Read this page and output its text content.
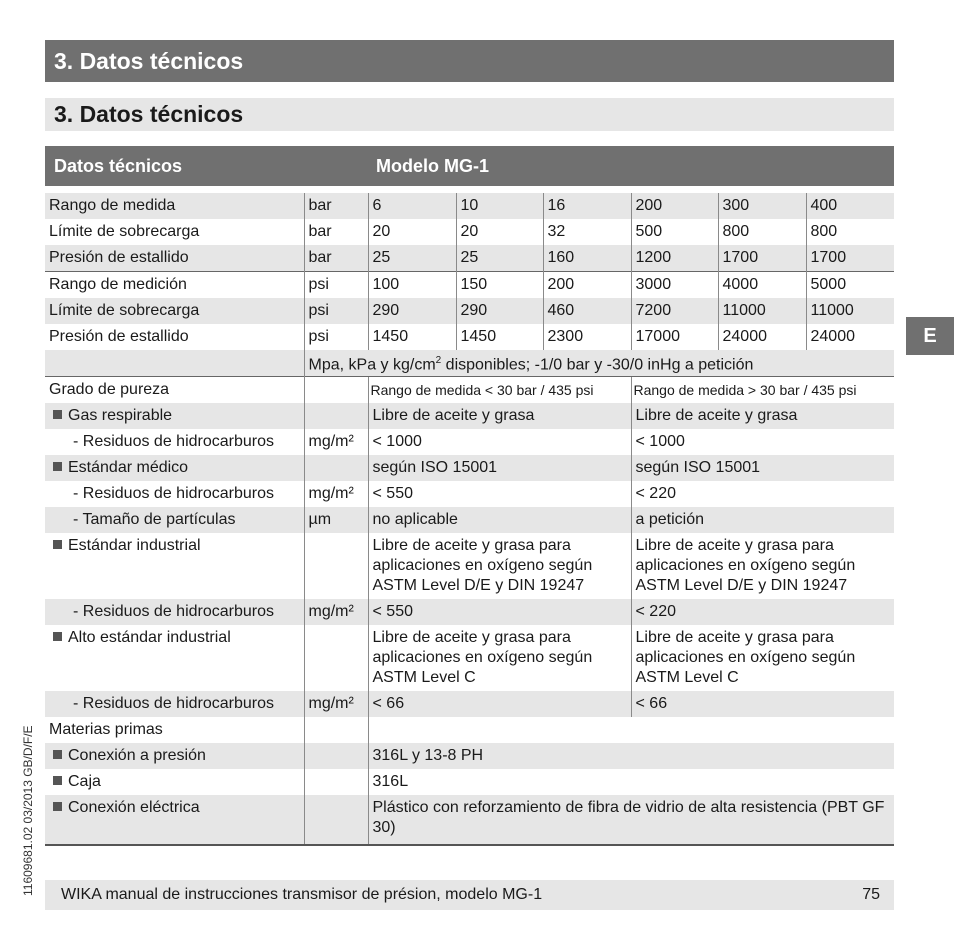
3. Datos técnicos
3. Datos técnicos
Datos técnicos	Modelo MG-1
E
11609681.02 03/2013 GB/D/F/E
Rango de medida	bar	6	10	16	200	300	400
Límite de sobrecarga	bar	20	20	32	500	800	800
Presión de estallido	bar	25	25	160	1200	1700	1700
Rango de medición	psi	100	150	200	3000	4000	5000
Límite de sobrecarga	psi	290	290	460	7200	11000	11000
Presión de estallido	psi	1450	1450	2300	17000	24000	24000
	Mpa, kPa y $kg/cm^2$ disponibles; -1/0 bar y -30/0 inHg a petición						
Grado de pureza		Rango de medida < 30 bar / 435 psi			Rango de medida > 30 bar / 435 psi		
Gas respirable		Libre de aceite y grasa			Libre de aceite y grasa		
- Residuos de hidrocarburos	mg/m²	< 1000			< 1000		
Estándar médico		según ISO 15001			según ISO 15001		
- Residuos de hidrocarburos	mg/m²	< 550			< 220		
- Tamaño de partículas	µm	no aplicable			a petición		
Estándar industrial		Libre de aceite y grasa para aplicaciones en oxígeno según ASTM Level D/E y DIN 19247			Libre de aceite y grasa para aplicaciones en oxígeno según ASTM Level D/E y DIN 19247		
- Residuos de hidrocarburos	mg/m²	< 550			< 220		
Alto estándar industrial		Libre de aceite y grasa para aplicaciones en oxígeno según ASTM Level C			Libre de aceite y grasa para aplicaciones en oxígeno según ASTM Level C		
- Residuos de hidrocarburos	mg/m²	< 66			< 66		
Materias primas							
Conexión a presión		316L y 13-8 PH					
Caja		316L					
Conexión eléctrica		Plástico con reforzamiento de fibra de vidrio de alta resistencia (PBT GF 30)					
WIKA manual de instrucciones transmisor de présion, modelo MG-1	75
